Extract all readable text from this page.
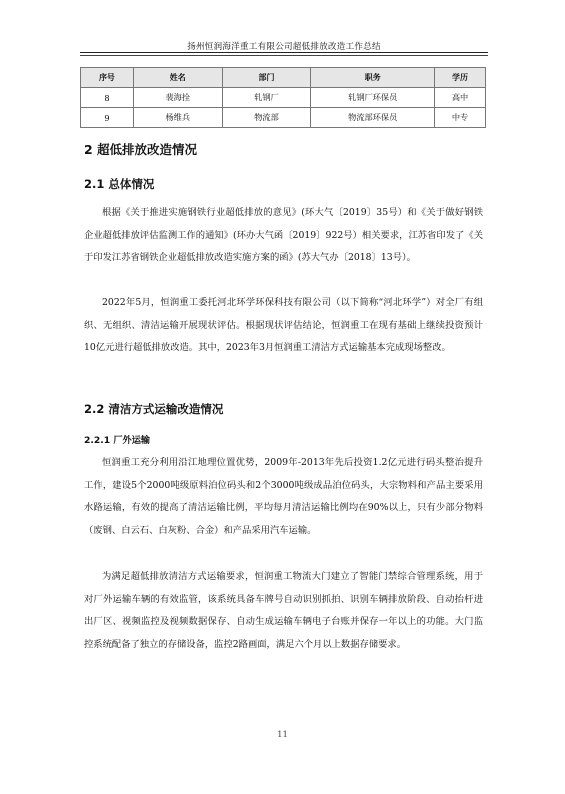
扬州恒润海洋重工有限公司超低排放改造工作总结
序号	姓名	部门	职务	学历
8	裴海拴	轧钢厂	轧钢厂环保员	高中
9	杨维兵	物流部	物流部环保员	中专
2 超低排放改造情况
2.1 总体情况

根据《关于推进实施钢铁行业超低排放的意见》(环大气〔2019〕35号）和《关于做好钢铁企业超低排放评估监测工作的通知》(环办大气函〔2019〕922号）相关要求，江苏省印发了《关于印发江苏省钢铁企业超低排放改造实施方案的函》(苏大气办〔2018〕13号）。

2022年5月，恒润重工委托河北环学环保科技有限公司（以下简称“河北环学”）对全厂有组织、无组织、清洁运输开展现状评估。根据现状评估结论，恒润重工在现有基础上继续投资预计10亿元进行超低排放改造。其中，2023年3月恒润重工清洁方式运输基本完成现场整改。

2.2 清洁方式运输改造情况
2.2.1 厂外运输

恒润重工充分利用沿江地理位置优势，2009年-2013年先后投资1.2亿元进行码头整治提升工作，建设5个2000吨级原料泊位码头和2个3000吨级成品泊位码头，大宗物料和产品主要采用水路运输，有效的提高了清洁运输比例，平均每月清洁运输比例均在90%以上，只有少部分物料（废钢、白云石、白灰粉、合金）和产品采用汽车运输。

为满足超低排放清洁方式运输要求，恒润重工物流大门建立了智能门禁综合管理系统，用于对厂外运输车辆的有效监管，该系统具备车牌号自动识别抓拍、识别车辆排放阶段、自动抬杆进出厂区、视频监控及视频数据保存、自动生成运输车辆电子台账并保存一年以上的功能。大门监控系统配备了独立的存储设备，监控2路画面，满足六个月以上数据存储要求。

11
